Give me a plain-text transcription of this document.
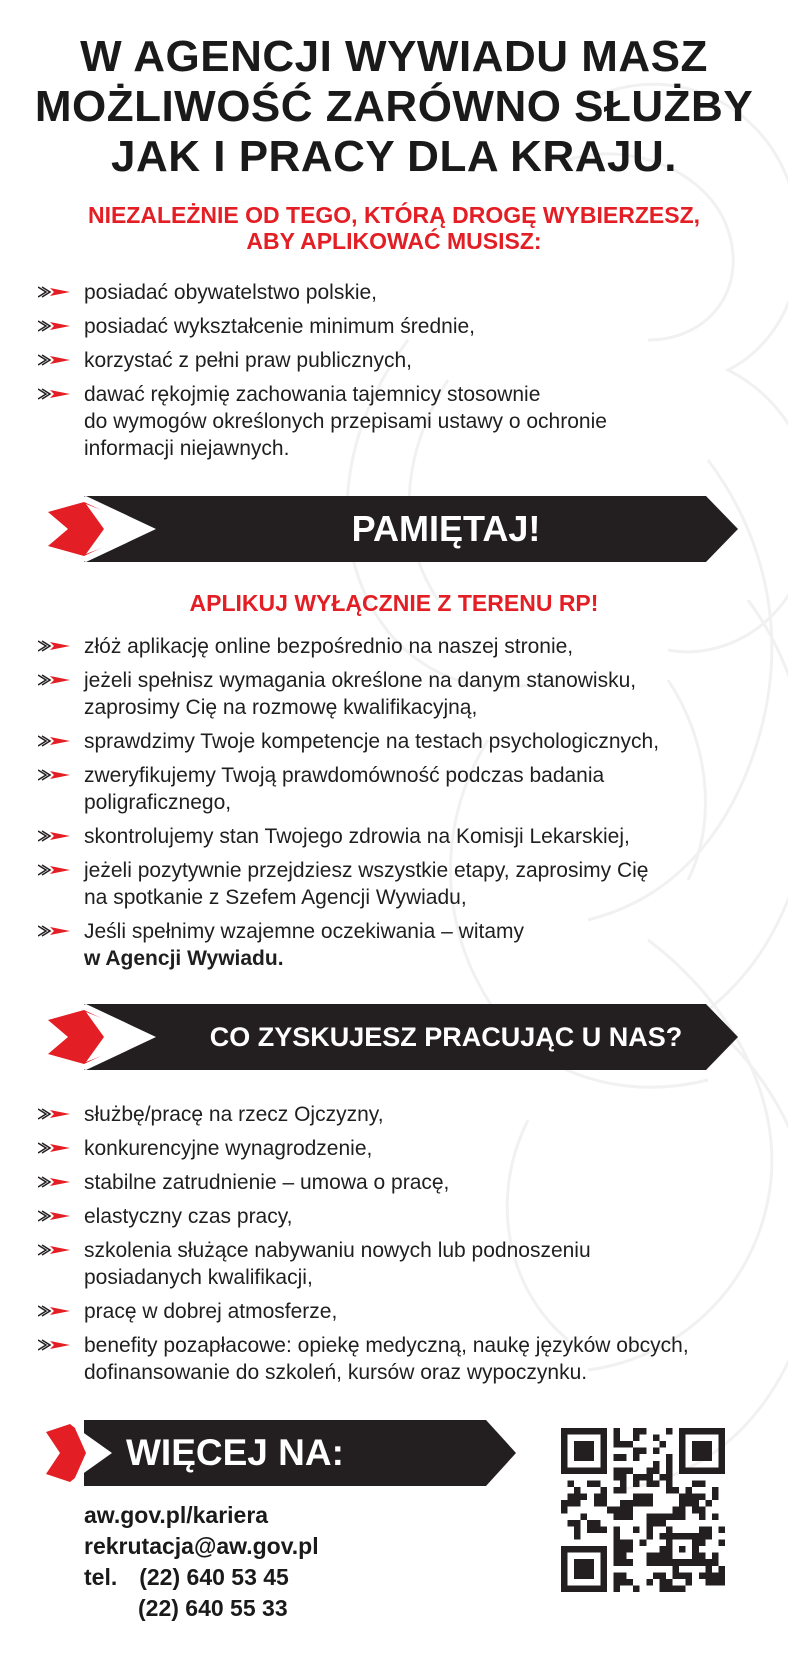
W AGENCJI WYWIADU MASZ
MOŻLIWOŚĆ ZARÓWNO SŁUŻBY
JAK I PRACY DLA KRAJU.
NIEZALEŻNIE OD TEGO, KTÓRĄ DROGĘ WYBIERZESZ,
ABY APLIKOWAĆ MUSISZ:
posiadać obywatelstwo polskie,
posiadać wykształcenie minimum średnie,
korzystać z pełni praw publicznych,
dawać rękojmię zachowania tajemnicy stosownie
do wymogów określonych przepisami ustawy o ochronie
informacji niejawnych.
PAMIĘTAJ!
APLIKUJ WYŁĄCZNIE Z TERENU RP!
złóż aplikację online bezpośrednio na naszej stronie,
jeżeli spełnisz wymagania określone na danym stanowisku,
zaprosimy Cię na rozmowę kwalifikacyjną,
sprawdzimy Twoje kompetencje na testach psychologicznych,
zweryfikujemy Twoją prawdomówność podczas badania
poligraficznego,
skontrolujemy stan Twojego zdrowia na Komisji Lekarskiej,
jeżeli pozytywnie przejdziesz wszystkie etapy, zaprosimy Cię
na spotkanie z Szefem Agencji Wywiadu,
Jeśli spełnimy wzajemne oczekiwania – witamy
w Agencji Wywiadu.
CO ZYSKUJESZ PRACUJĄC U NAS?
służbę/pracę na rzecz Ojczyzny,
konkurencyjne wynagrodzenie,
stabilne zatrudnienie – umowa o pracę,
elastyczny czas pracy,
szkolenia służące nabywaniu nowych lub podnoszeniu
posiadanych kwalifikacji,
pracę w dobrej atmosferze,
benefity pozapłacowe: opiekę medyczną, naukę języków obcych,
dofinansowanie do szkoleń, kursów oraz wypoczynku.
WIĘCEJ NA:
aw.gov.pl/kariera
rekrutacja@aw.gov.pl
tel. (22) 640 53 45
(22) 640 55 33
